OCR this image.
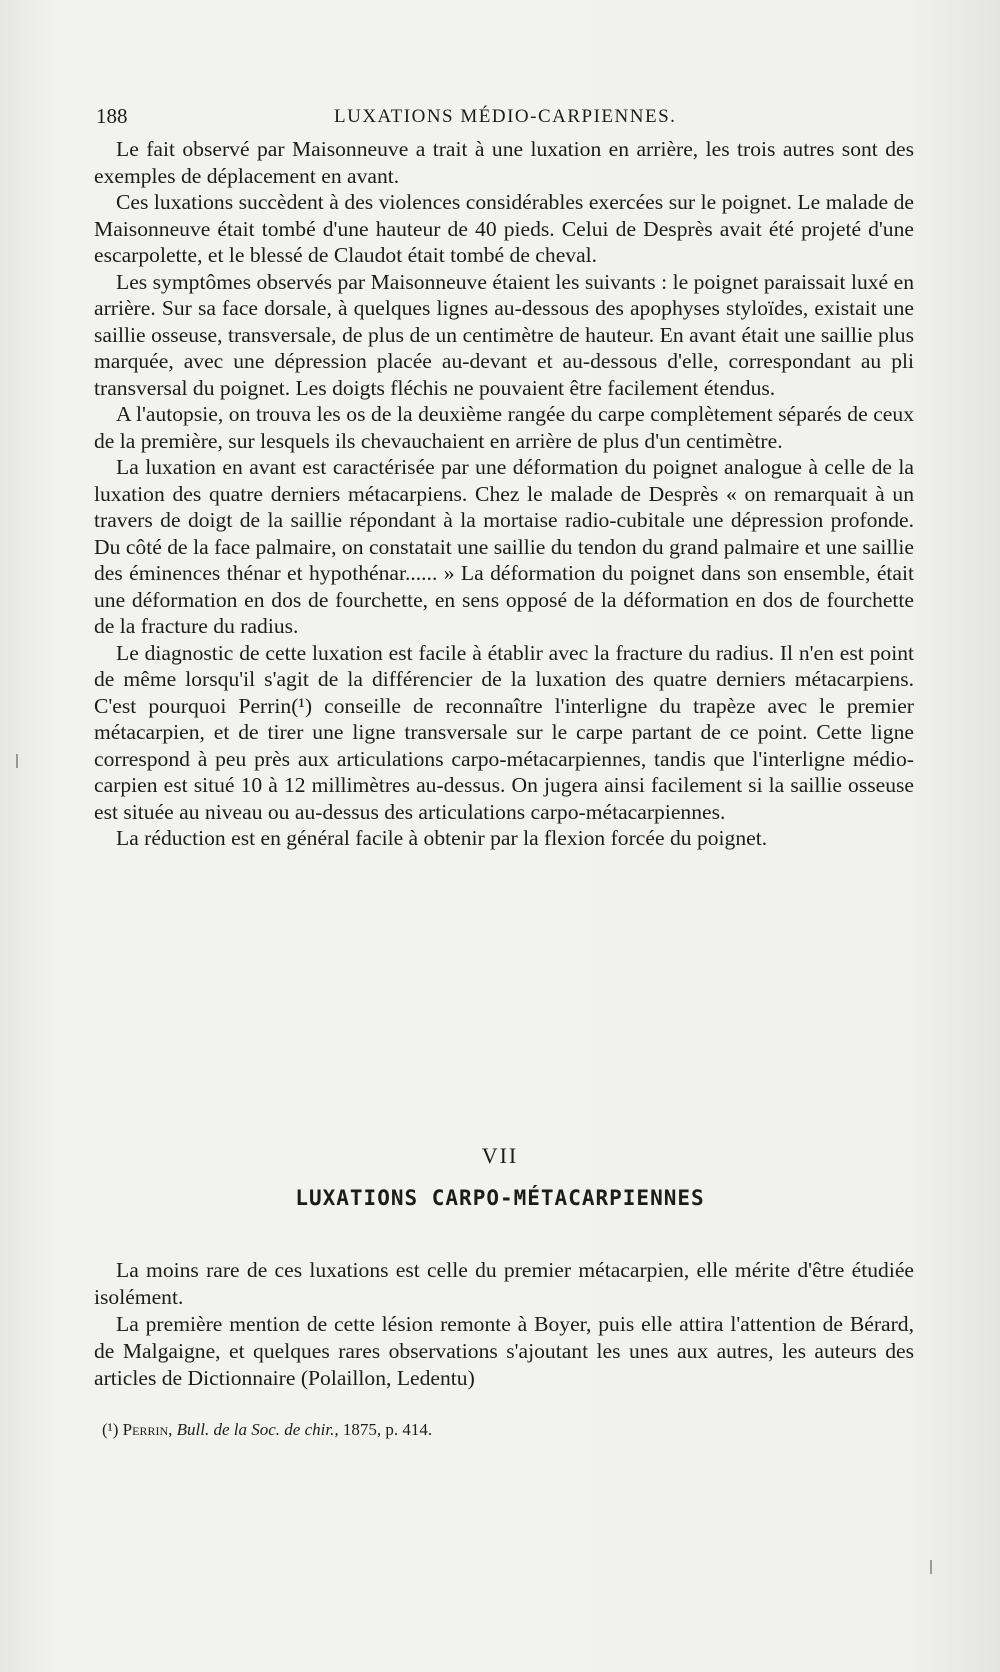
188	LUXATIONS MÉDIO-CARPIENNES.

Le fait observé par Maisonneuve a trait à une luxation en arrière, les trois autres sont des exemples de déplacement en avant.

Ces luxations succèdent à des violences considérables exercées sur le poignet. Le malade de Maisonneuve était tombé d'une hauteur de 40 pieds. Celui de Desprès avait été projeté d'une escarpolette, et le blessé de Claudot était tombé de cheval.

Les symptômes observés par Maisonneuve étaient les suivants : le poignet paraissait luxé en arrière. Sur sa face dorsale, à quelques lignes au-dessous des apophyses styloïdes, existait une saillie osseuse, transversale, de plus de un centimètre de hauteur. En avant était une saillie plus marquée, avec une dépression placée au-devant et au-dessous d'elle, correspondant au pli transversal du poignet. Les doigts fléchis ne pouvaient être facilement étendus.

A l'autopsie, on trouva les os de la deuxième rangée du carpe complètement séparés de ceux de la première, sur lesquels ils chevauchaient en arrière de plus d'un centimètre.

La luxation en avant est caractérisée par une déformation du poignet analogue à celle de la luxation des quatre derniers métacarpiens. Chez le malade de Desprès « on remarquait à un travers de doigt de la saillie répondant à la mortaise radio-cubitale une dépression profonde. Du côté de la face palmaire, on constatait une saillie du tendon du grand palmaire et une saillie des éminences thénar et hypothénar...... » La déformation du poignet dans son ensemble, était une déformation en dos de fourchette, en sens opposé de la déformation en dos de fourchette de la fracture du radius.

Le diagnostic de cette luxation est facile à établir avec la fracture du radius. Il n'en est point de même lorsqu'il s'agit de la différencier de la luxation des quatre derniers métacarpiens. C'est pourquoi Perrin(¹) conseille de reconnaître l'interligne du trapèze avec le premier métacarpien, et de tirer une ligne transversale sur le carpe partant de ce point. Cette ligne correspond à peu près aux articulations carpo-métacarpiennes, tandis que l'interligne médio-carpien est situé 10 à 12 millimètres au-dessus. On jugera ainsi facilement si la saillie osseuse est située au niveau ou au-dessus des articulations carpo-métacarpiennes.

La réduction est en général facile à obtenir par la flexion forcée du poignet.

VII
LUXATIONS CARPO-MÉTACARPIENNES

La moins rare de ces luxations est celle du premier métacarpien, elle mérite d'être étudiée isolément.

La première mention de cette lésion remonte à Boyer, puis elle attira l'attention de Bérard, de Malgaigne, et quelques rares observations s'ajoutant les unes aux autres, les auteurs des articles de Dictionnaire (Polaillon, Ledentu)

(¹) Perrin, Bull. de la Soc. de chir., 1875, p. 414.
